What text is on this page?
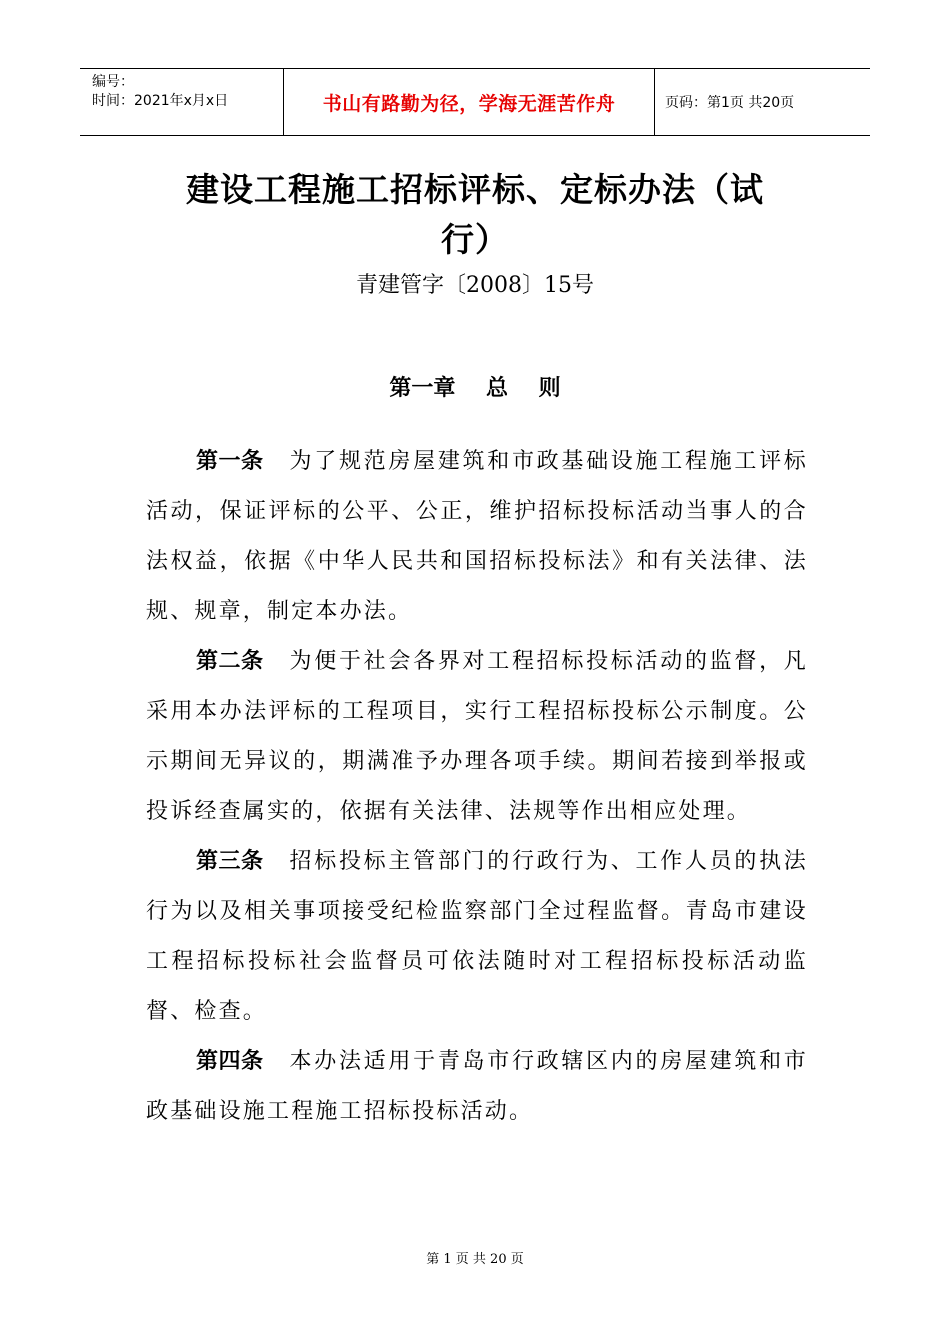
编号：
时间：2021年x月x日	书山有路勤为径，学海无涯苦作舟	页码：第1页 共20页
建设工程施工招标评标、定标办法（试
行）
青建管字〔2008〕15号
第一章    总    则

第一条 为了规范房屋建筑和市政基础设施工程施工评标活动，保证评标的公平、公正，维护招标投标活动当事人的合法权益，依据《中华人民共和国招标投标法》和有关法律、法规、规章，制定本办法。

第二条 为便于社会各界对工程招标投标活动的监督，凡采用本办法评标的工程项目，实行工程招标投标公示制度。公示期间无异议的，期满准予办理各项手续。期间若接到举报或投诉经查属实的，依据有关法律、法规等作出相应处理。

第三条 招标投标主管部门的行政行为、工作人员的执法行为以及相关事项接受纪检监察部门全过程监督。青岛市建设工程招标投标社会监督员可依法随时对工程招标投标活动监督、检查。

第四条 本办法适用于青岛市行政辖区内的房屋建筑和市政基础设施工程施工招标投标活动。

第 1 页 共 20 页
